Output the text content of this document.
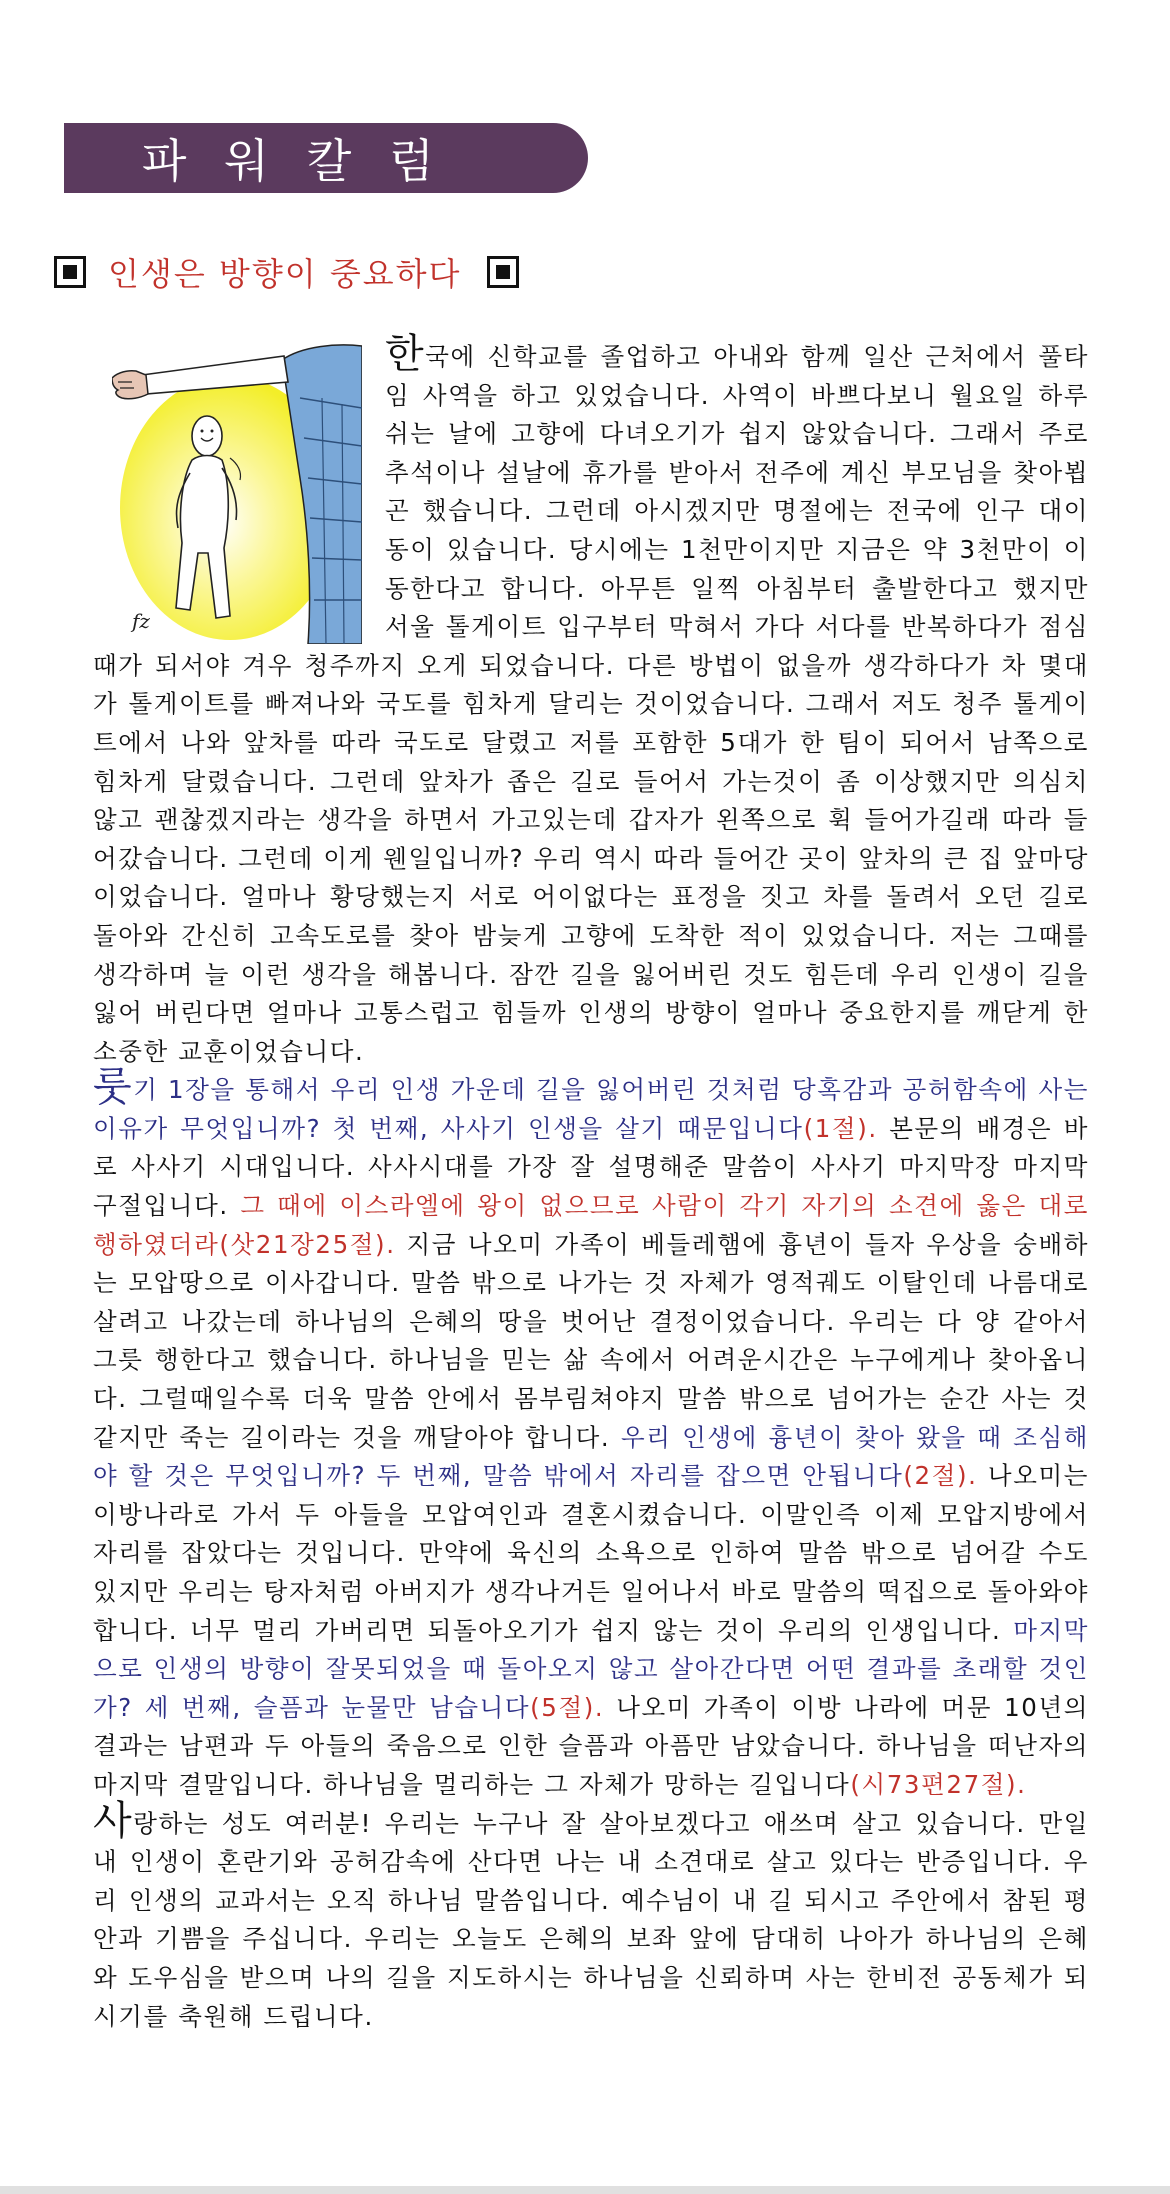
파워칼럼
인생은 방향이 중요하다
fz

한국에 신학교를 졸업하고 아내와 함께 일산 근처에서 풀타임 사역을 하고 있었습니다. 사역이 바쁘다보니 월요일 하루 쉬는 날에 고향에 다녀오기가 쉽지 않았습니다. 그래서 주로 추석이나 설날에 휴가를 받아서 전주에 계신 부모님을 찾아뵙곤 했습니다. 그런데 아시겠지만 명절에는 전국에 인구 대이동이 있습니다. 당시에는 1천만이지만 지금은 약 3천만이 이동한다고 합니다. 아무튼 일찍 아침부터 출발한다고 했지만 서울 톨게이트 입구부터 막혀서 가다 서다를 반복하다가 점심때가 되서야 겨우 청주까지 오게 되었습니다. 다른 방법이 없을까 생각하다가 차 몇대가 톨게이트를 빠져나와 국도를 힘차게 달리는 것이었습니다. 그래서 저도 청주 톨게이트에서 나와 앞차를 따라 국도로 달렸고 저를 포함한 5대가 한 팀이 되어서 남쪽으로 힘차게 달렸습니다. 그런데 앞차가 좁은 길로 들어서 가는것이 좀 이상했지만 의심치 않고 괜찮겠지라는 생각을 하면서 가고있는데 갑자가 왼쪽으로 휙 들어가길래 따라 들어갔습니다. 그런데 이게 웬일입니까? 우리 역시 따라 들어간 곳이 앞차의 큰 집 앞마당이었습니다. 얼마나 황당했는지 서로 어이없다는 표정을 짓고 차를 돌려서 오던 길로 돌아와 간신히 고속도로를 찾아 밤늦게 고향에 도착한 적이 있었습니다. 저는 그때를 생각하며 늘 이런 생각을 해봅니다. 잠깐 길을 잃어버린 것도 힘든데 우리 인생이 길을 잃어 버린다면 얼마나 고통스럽고 힘들까 인생의 방향이 얼마나 중요한지를 깨닫게 한 소중한 교훈이었습니다.

룻기 1장을 통해서 우리 인생 가운데 길을 잃어버린 것처럼 당혹감과 공허함속에 사는 이유가 무엇입니까? 첫 번째, 사사기 인생을 살기 때문입니다(1절). 본문의 배경은 바로 사사기 시대입니다. 사사시대를 가장 잘 설명해준 말씀이 사사기 마지막장 마지막 구절입니다. 그 때에 이스라엘에 왕이 없으므로 사람이 각기 자기의 소견에 옳은 대로 행하였더라(삿21장25절). 지금 나오미 가족이 베들레햄에 흉년이 들자 우상을 숭배하는 모압땅으로 이사갑니다. 말씀 밖으로 나가는 것 자체가 영적궤도 이탈인데 나름대로 살려고 나갔는데 하나님의 은혜의 땅을 벗어난 결정이었습니다. 우리는 다 양 같아서 그릇 행한다고 했습니다. 하나님을 믿는 삶 속에서 어려운시간은 누구에게나 찾아옵니다. 그럴때일수록 더욱 말씀 안에서 몸부림쳐야지 말씀 밖으로 넘어가는 순간 사는 것 같지만 죽는 길이라는 것을 깨달아야 합니다. 우리 인생에 흉년이 찾아 왔을 때 조심해야 할 것은 무엇입니까? 두 번째, 말씀 밖에서 자리를 잡으면 안됩니다(2절). 나오미는 이방나라로 가서 두 아들을 모압여인과 결혼시켰습니다. 이말인즉 이제 모압지방에서 자리를 잡았다는 것입니다. 만약에 육신의 소욕으로 인하여 말씀 밖으로 넘어갈 수도 있지만 우리는 탕자처럼 아버지가 생각나거든 일어나서 바로 말씀의 떡집으로 돌아와야 합니다. 너무 멀리 가버리면 되돌아오기가 쉽지 않는 것이 우리의 인생입니다. 마지막으로 인생의 방향이 잘못되었을 때 돌아오지 않고 살아간다면 어떤 결과를 초래할 것인가? 세 번째, 슬픔과 눈물만 남습니다(5절). 나오미 가족이 이방 나라에 머문 10년의 결과는 남편과 두 아들의 죽음으로 인한 슬픔과 아픔만 남았습니다. 하나님을 떠난자의 마지막 결말입니다. 하나님을 멀리하는 그 자체가 망하는 길입니다(시73편27절).

사랑하는 성도 여러분! 우리는 누구나 잘 살아보겠다고 애쓰며 살고 있습니다. 만일 내 인생이 혼란기와 공허감속에 산다면 나는 내 소견대로 살고 있다는 반증입니다. 우리 인생의 교과서는 오직 하나님 말씀입니다. 예수님이 내 길 되시고 주안에서 참된 평안과 기쁨을 주십니다. 우리는 오늘도 은혜의 보좌 앞에 담대히 나아가 하나님의 은혜와 도우심을 받으며 나의 길을 지도하시는 하나님을 신뢰하며 사는 한비전 공동체가 되시기를 축원해 드립니다.
